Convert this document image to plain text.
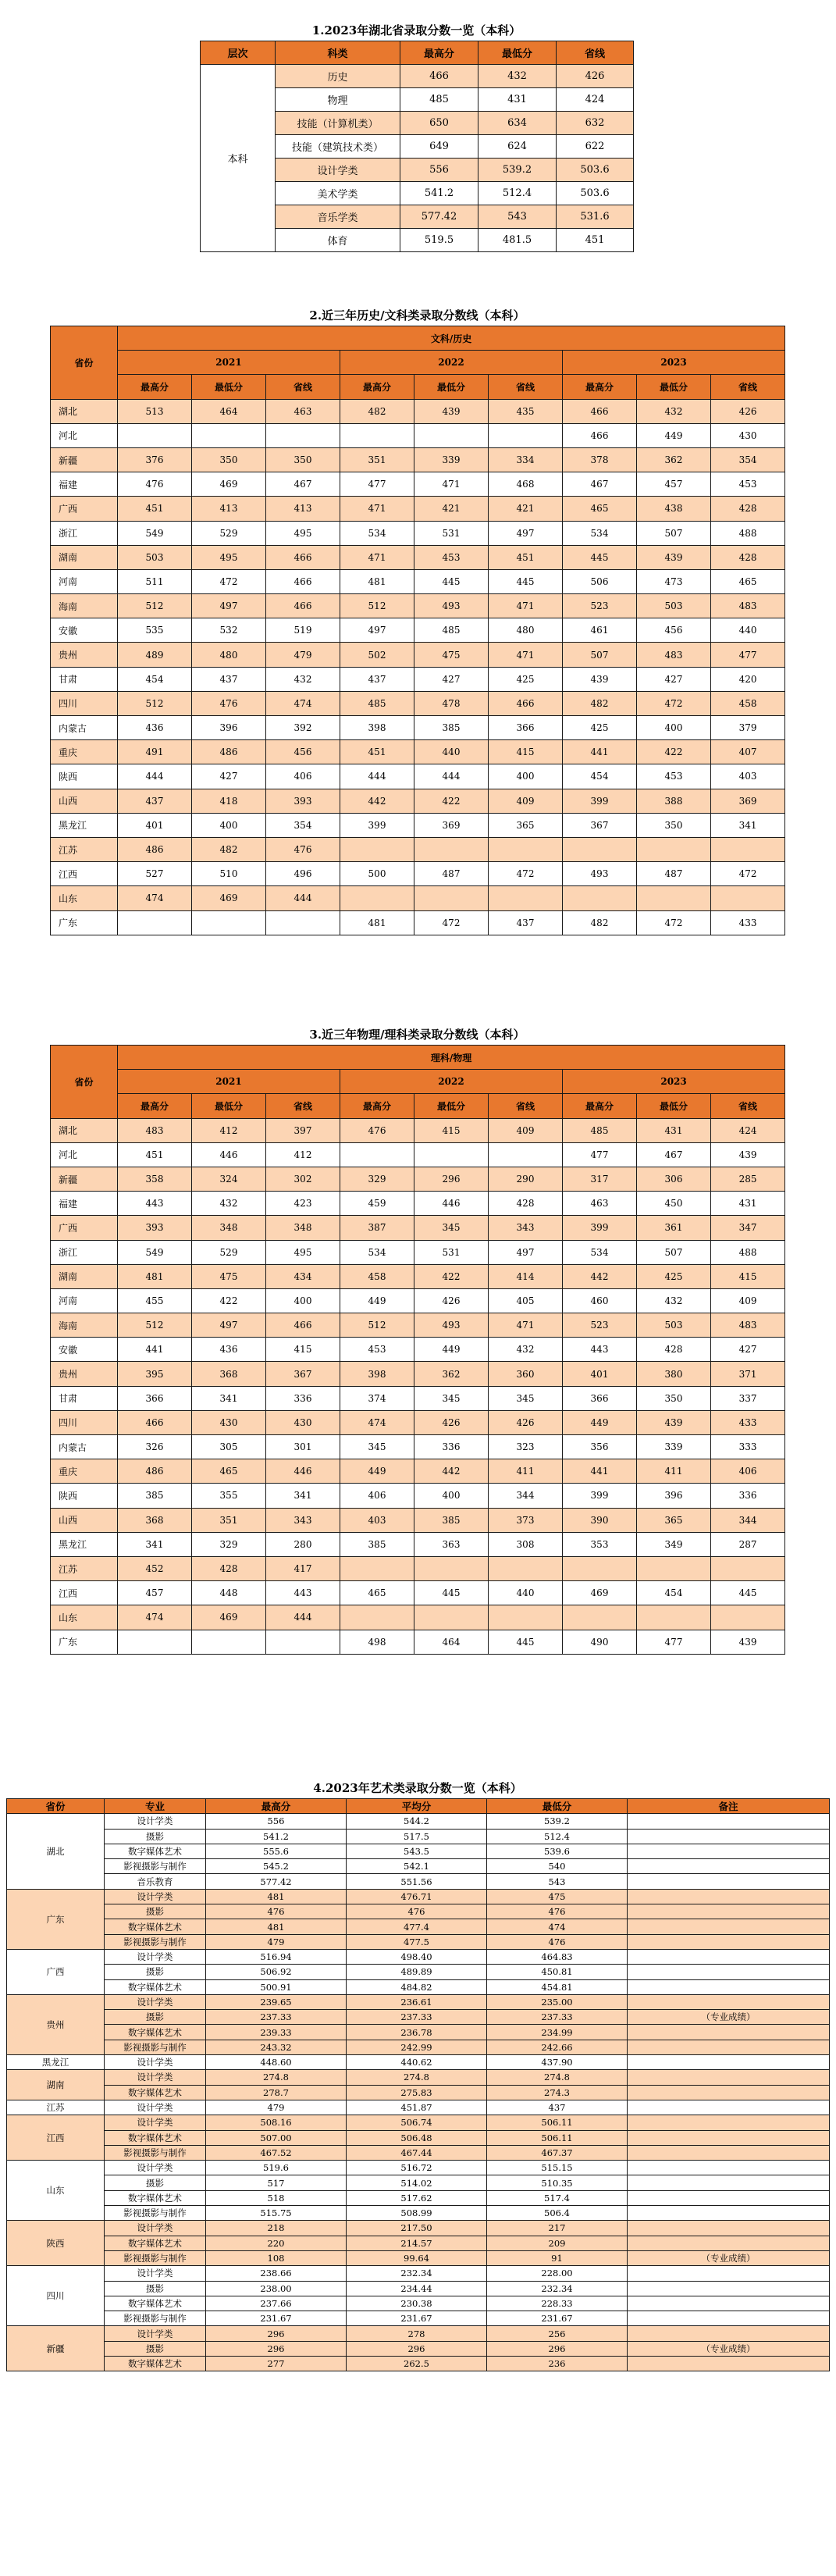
1.2023年湖北省录取分数一览（本科）
层次	科类	最高分	最低分	省线
本科	历史	466	432	426
	物理	485	431	424
	技能（计算机类）	650	634	632
	技能（建筑技术类）	649	624	622
	设计学类	556	539.2	503.6
	美术学类	541.2	512.4	503.6
	音乐学类	577.42	543	531.6
	体育	519.5	481.5	451
2.近三年历史/文科类录取分数线（本科）
省份	文科/历史								
	2021			2022			2023		
	最高分	最低分	省线	最高分	最低分	省线	最高分	最低分	省线
湖北	513	464	463	482	439	435	466	432	426
河北							466	449	430
新疆	376	350	350	351	339	334	378	362	354
福建	476	469	467	477	471	468	467	457	453
广西	451	413	413	471	421	421	465	438	428
浙江	549	529	495	534	531	497	534	507	488
湖南	503	495	466	471	453	451	445	439	428
河南	511	472	466	481	445	445	506	473	465
海南	512	497	466	512	493	471	523	503	483
安徽	535	532	519	497	485	480	461	456	440
贵州	489	480	479	502	475	471	507	483	477
甘肃	454	437	432	437	427	425	439	427	420
四川	512	476	474	485	478	466	482	472	458
内蒙古	436	396	392	398	385	366	425	400	379
重庆	491	486	456	451	440	415	441	422	407
陕西	444	427	406	444	444	400	454	453	403
山西	437	418	393	442	422	409	399	388	369
黑龙江	401	400	354	399	369	365	367	350	341
江苏	486	482	476						
江西	527	510	496	500	487	472	493	487	472
山东	474	469	444						
广东				481	472	437	482	472	433
3.近三年物理/理科类录取分数线（本科）
省份	理科/物理								
	2021			2022			2023		
	最高分	最低分	省线	最高分	最低分	省线	最高分	最低分	省线
湖北	483	412	397	476	415	409	485	431	424
河北	451	446	412				477	467	439
新疆	358	324	302	329	296	290	317	306	285
福建	443	432	423	459	446	428	463	450	431
广西	393	348	348	387	345	343	399	361	347
浙江	549	529	495	534	531	497	534	507	488
湖南	481	475	434	458	422	414	442	425	415
河南	455	422	400	449	426	405	460	432	409
海南	512	497	466	512	493	471	523	503	483
安徽	441	436	415	453	449	432	443	428	427
贵州	395	368	367	398	362	360	401	380	371
甘肃	366	341	336	374	345	345	366	350	337
四川	466	430	430	474	426	426	449	439	433
内蒙古	326	305	301	345	336	323	356	339	333
重庆	486	465	446	449	442	411	441	411	406
陕西	385	355	341	406	400	344	399	396	336
山西	368	351	343	403	385	373	390	365	344
黑龙江	341	329	280	385	363	308	353	349	287
江苏	452	428	417						
江西	457	448	443	465	445	440	469	454	445
山东	474	469	444						
广东				498	464	445	490	477	439
4.2023年艺术类录取分数一览（本科）
省份	专业	最高分	平均分	最低分	备注
湖北	设计学类	556	544.2	539.2	
	摄影	541.2	517.5	512.4	
	数字媒体艺术	555.6	543.5	539.6	
	影视摄影与制作	545.2	542.1	540	
	音乐教育	577.42	551.56	543	
广东	设计学类	481	476.71	475	
	摄影	476	476	476	
	数字媒体艺术	481	477.4	474	
	影视摄影与制作	479	477.5	476	
广西	设计学类	516.94	498.40	464.83	
	摄影	506.92	489.89	450.81	
	数字媒体艺术	500.91	484.82	454.81	
贵州	设计学类	239.65	236.61	235.00	
	摄影	237.33	237.33	237.33	（专业成绩）
	数字媒体艺术	239.33	236.78	234.99	
	影视摄影与制作	243.32	242.99	242.66	
黑龙江	设计学类	448.60	440.62	437.90	
湖南	设计学类	274.8	274.8	274.8	
	数字媒体艺术	278.7	275.83	274.3	
江苏	设计学类	479	451.87	437	
江西	设计学类	508.16	506.74	506.11	
	数字媒体艺术	507.00	506.48	506.11	
	影视摄影与制作	467.52	467.44	467.37	
山东	设计学类	519.6	516.72	515.15	
	摄影	517	514.02	510.35	
	数字媒体艺术	518	517.62	517.4	
	影视摄影与制作	515.75	508.99	506.4	
陕西	设计学类	218	217.50	217	
	数字媒体艺术	220	214.57	209	
	影视摄影与制作	108	99.64	91	（专业成绩）
四川	设计学类	238.66	232.34	228.00	
	摄影	238.00	234.44	232.34	
	数字媒体艺术	237.66	230.38	228.33	
	影视摄影与制作	231.67	231.67	231.67	
新疆	设计学类	296	278	256	
	摄影	296	296	296	（专业成绩）
	数字媒体艺术	277	262.5	236	
